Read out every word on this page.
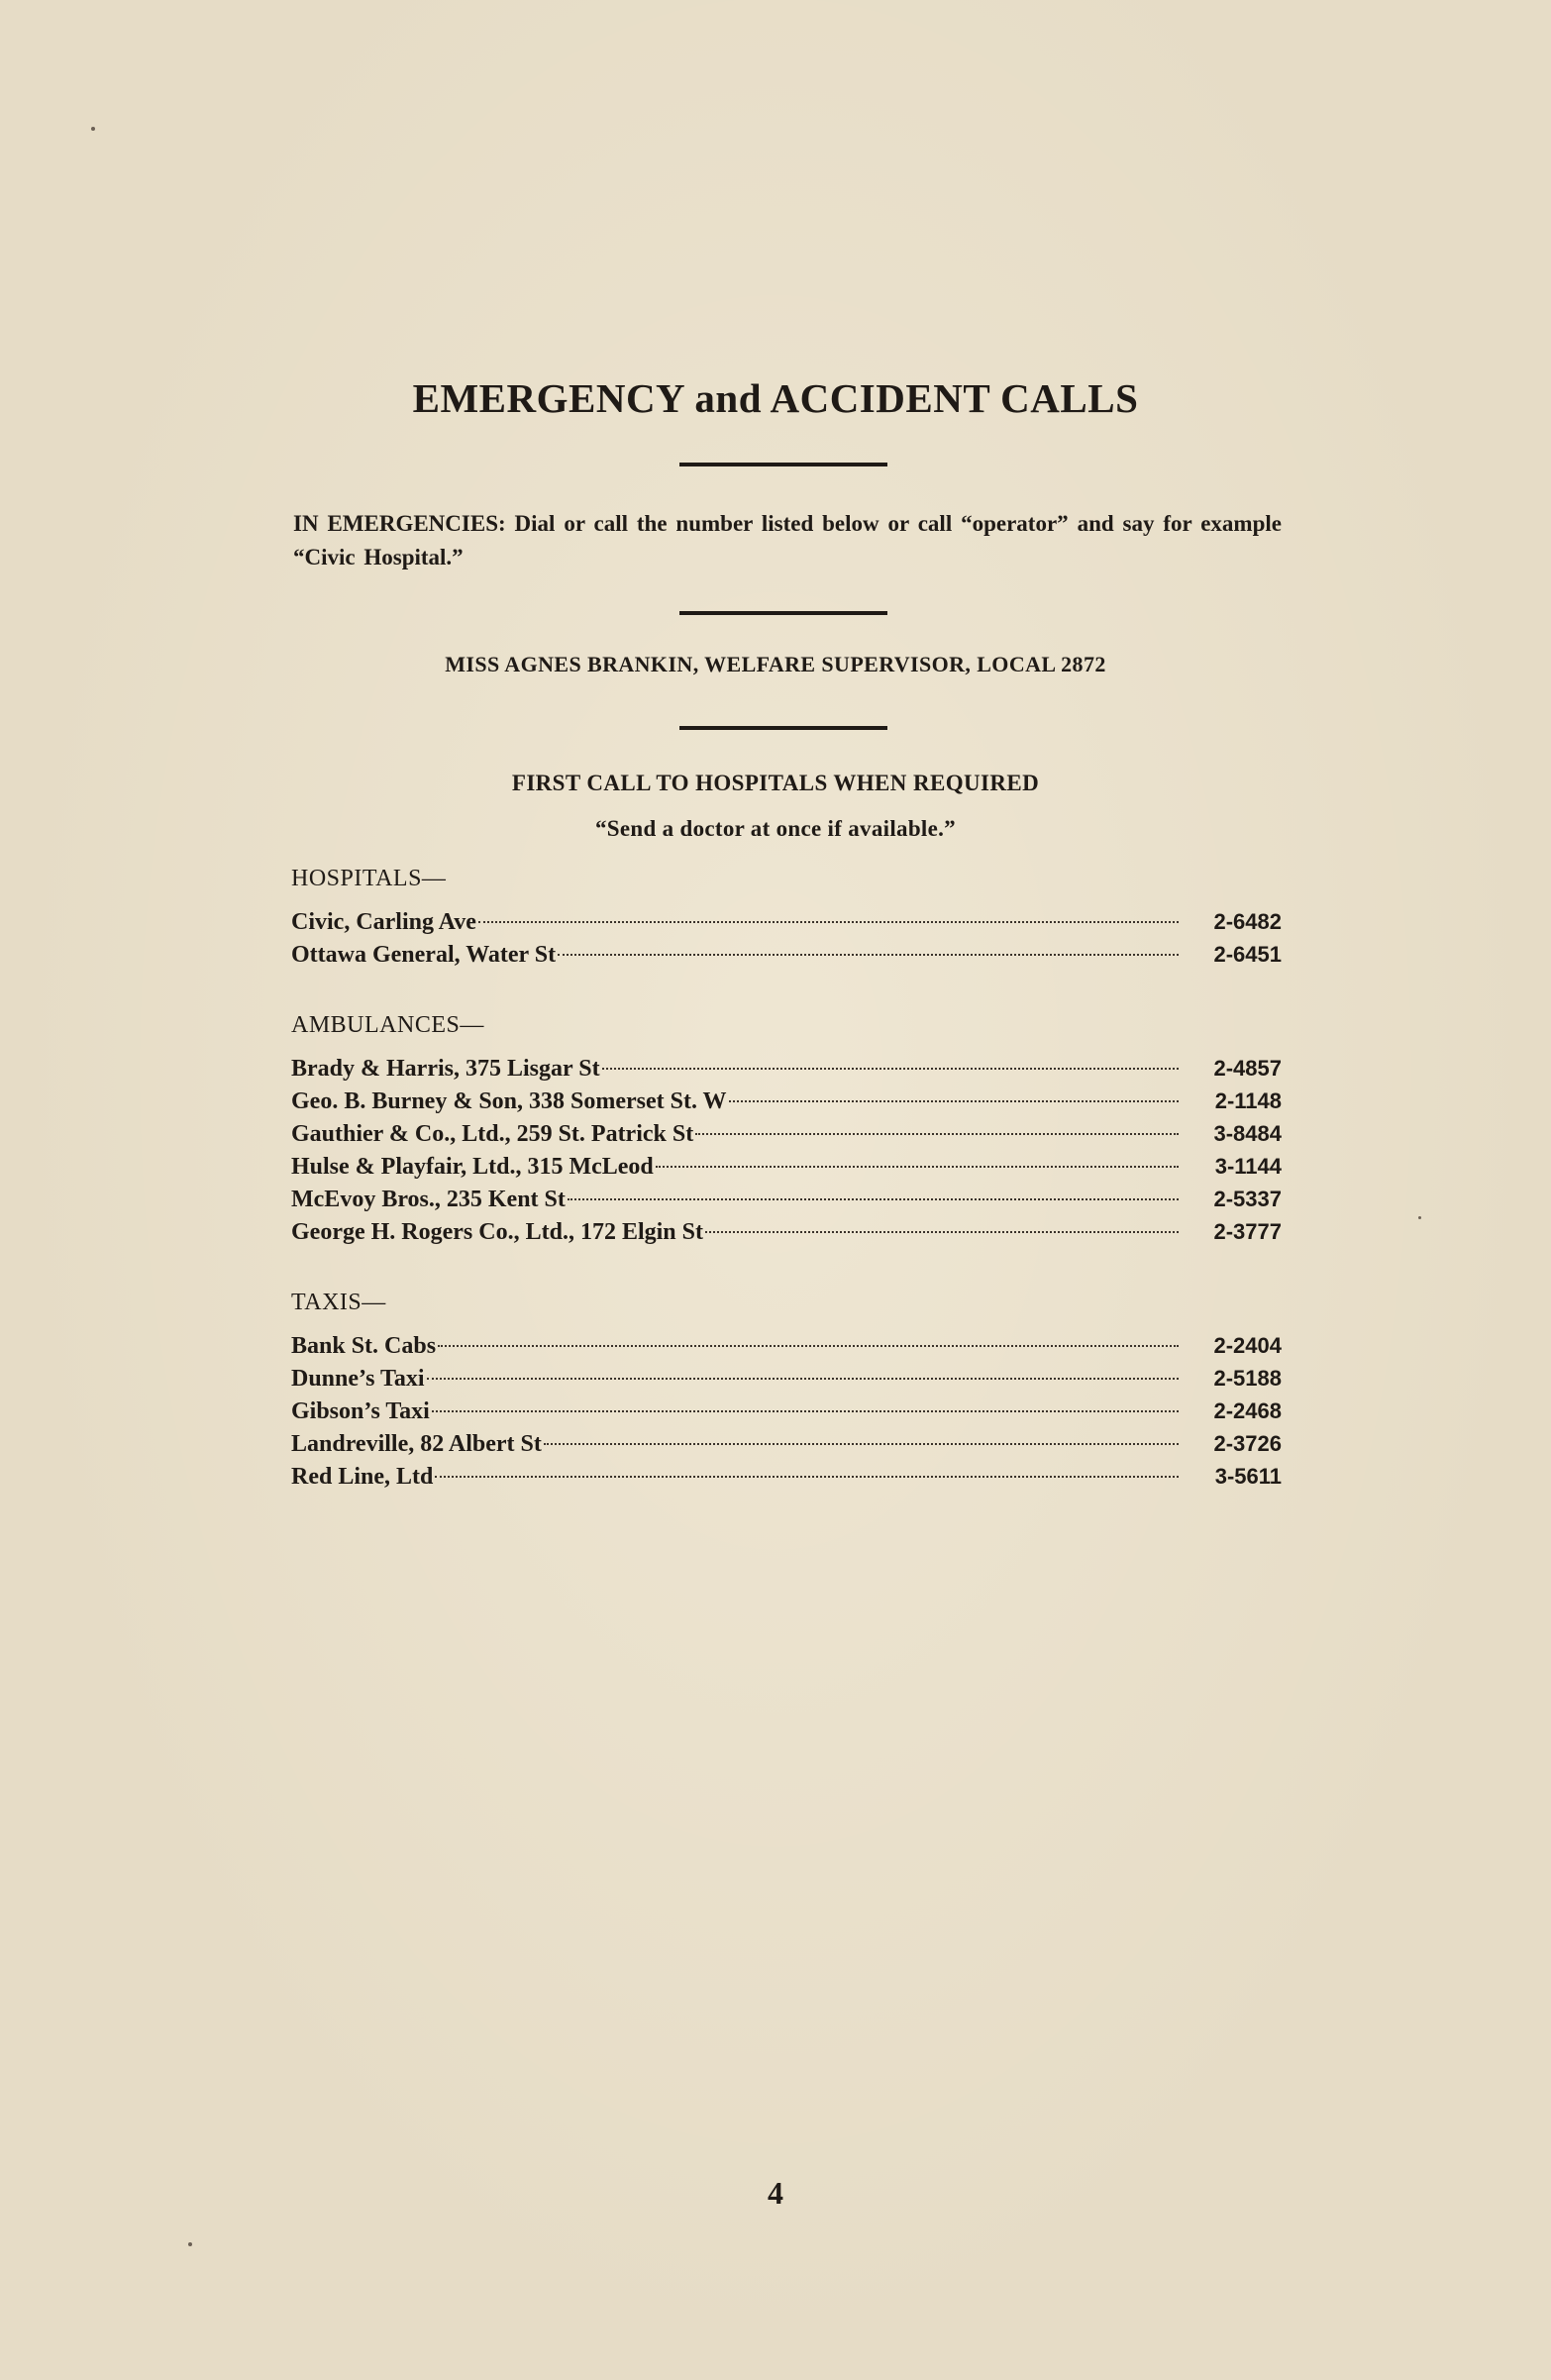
EMERGENCY and ACCIDENT CALLS
IN EMERGENCIES: Dial or call the number listed below or call “operator” and say for example “Civic Hospital.”
MISS AGNES BRANKIN, WELFARE SUPERVISOR, LOCAL 2872
FIRST CALL TO HOSPITALS WHEN REQUIRED
“Send a doctor at once if available.”
HOSPITALS—
Civic, Carling Ave	2-6482
Ottawa General, Water St	2-6451
AMBULANCES—
Brady & Harris, 375 Lisgar St	2-4857
Geo. B. Burney & Son, 338 Somerset St. W	2-1148
Gauthier & Co., Ltd., 259 St. Patrick St	3-8484
Hulse & Playfair, Ltd., 315 McLeod	3-1144
McEvoy Bros., 235 Kent St	2-5337
George H. Rogers Co., Ltd., 172 Elgin St	2-3777
TAXIS—
Bank St. Cabs	2-2404
Dunne’s Taxi	2-5188
Gibson’s Taxi	2-2468
Landreville, 82 Albert St	2-3726
Red Line, Ltd	3-5611
4
